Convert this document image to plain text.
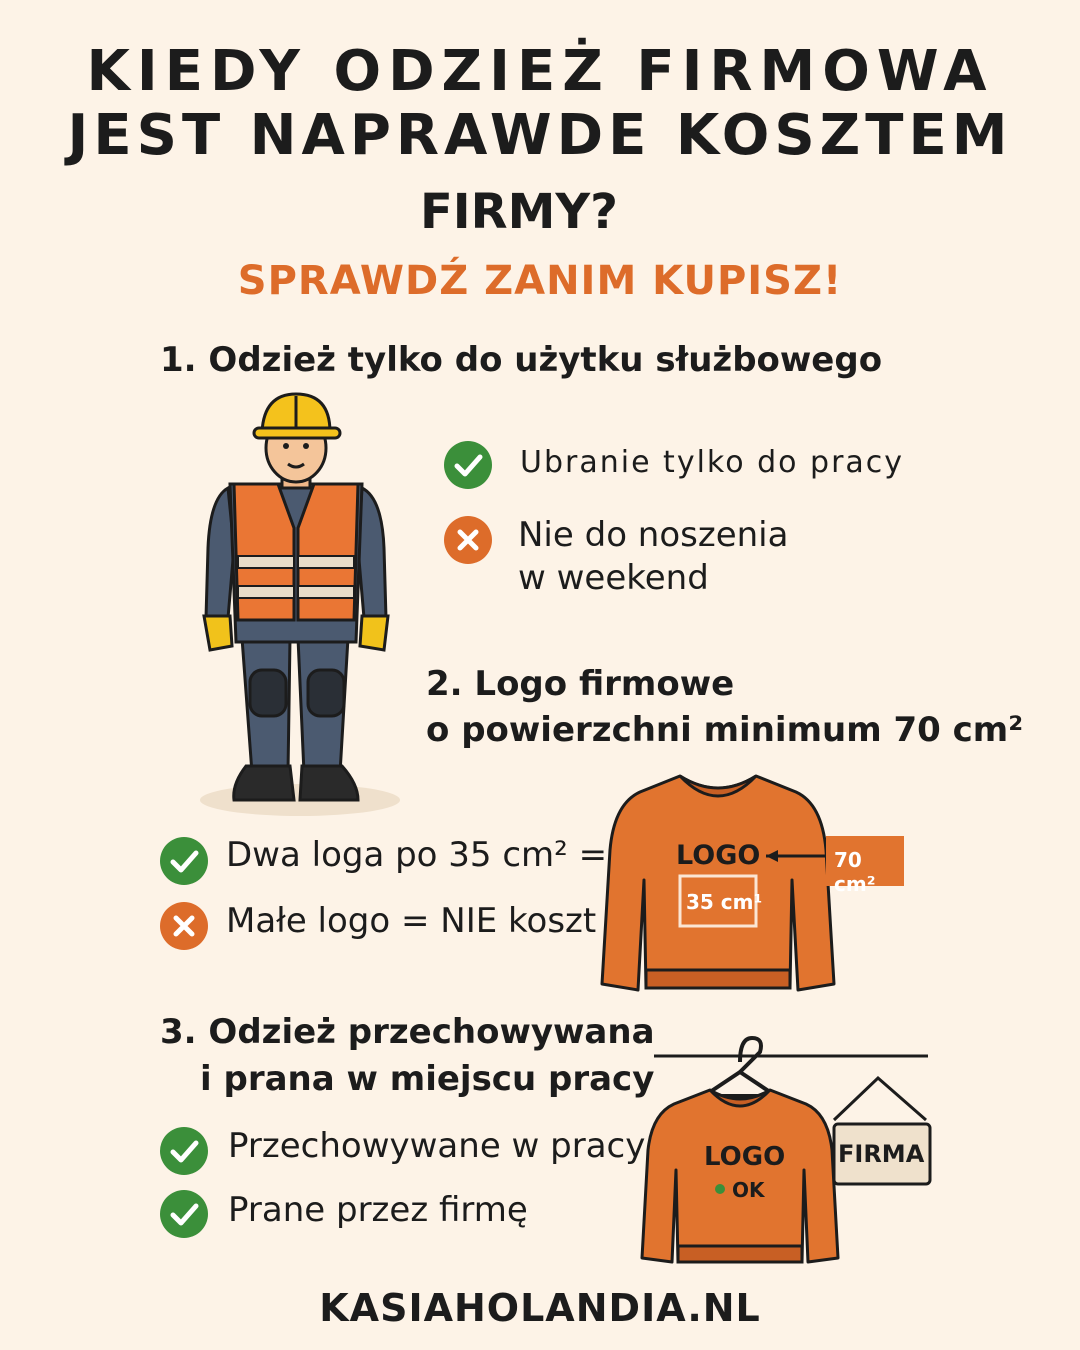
KIEDY ODZIEŻ FIRMOWA
JEST NAPRAWDE KOSZTEM
FIRMY?
SPRAWDŹ ZANIM KUPISZ!
1. Odzież tylko do użytku służbowego
Ubranie tylko do pracy
Nie do noszenia
w weekend
2. Logo firmowe
o powierzchni minimum 70 cm²
Dwa loga po 35 cm² =
Małe logo = NIE koszt
LOGO
35 cm¹
70 cm²
3. Odzież przechowywana
i prana w miejscu pracy
Przechowywane w pracy
Prane przez firmę
LOGO
OK
FIRMA
KASIAHOLANDIA.NL
